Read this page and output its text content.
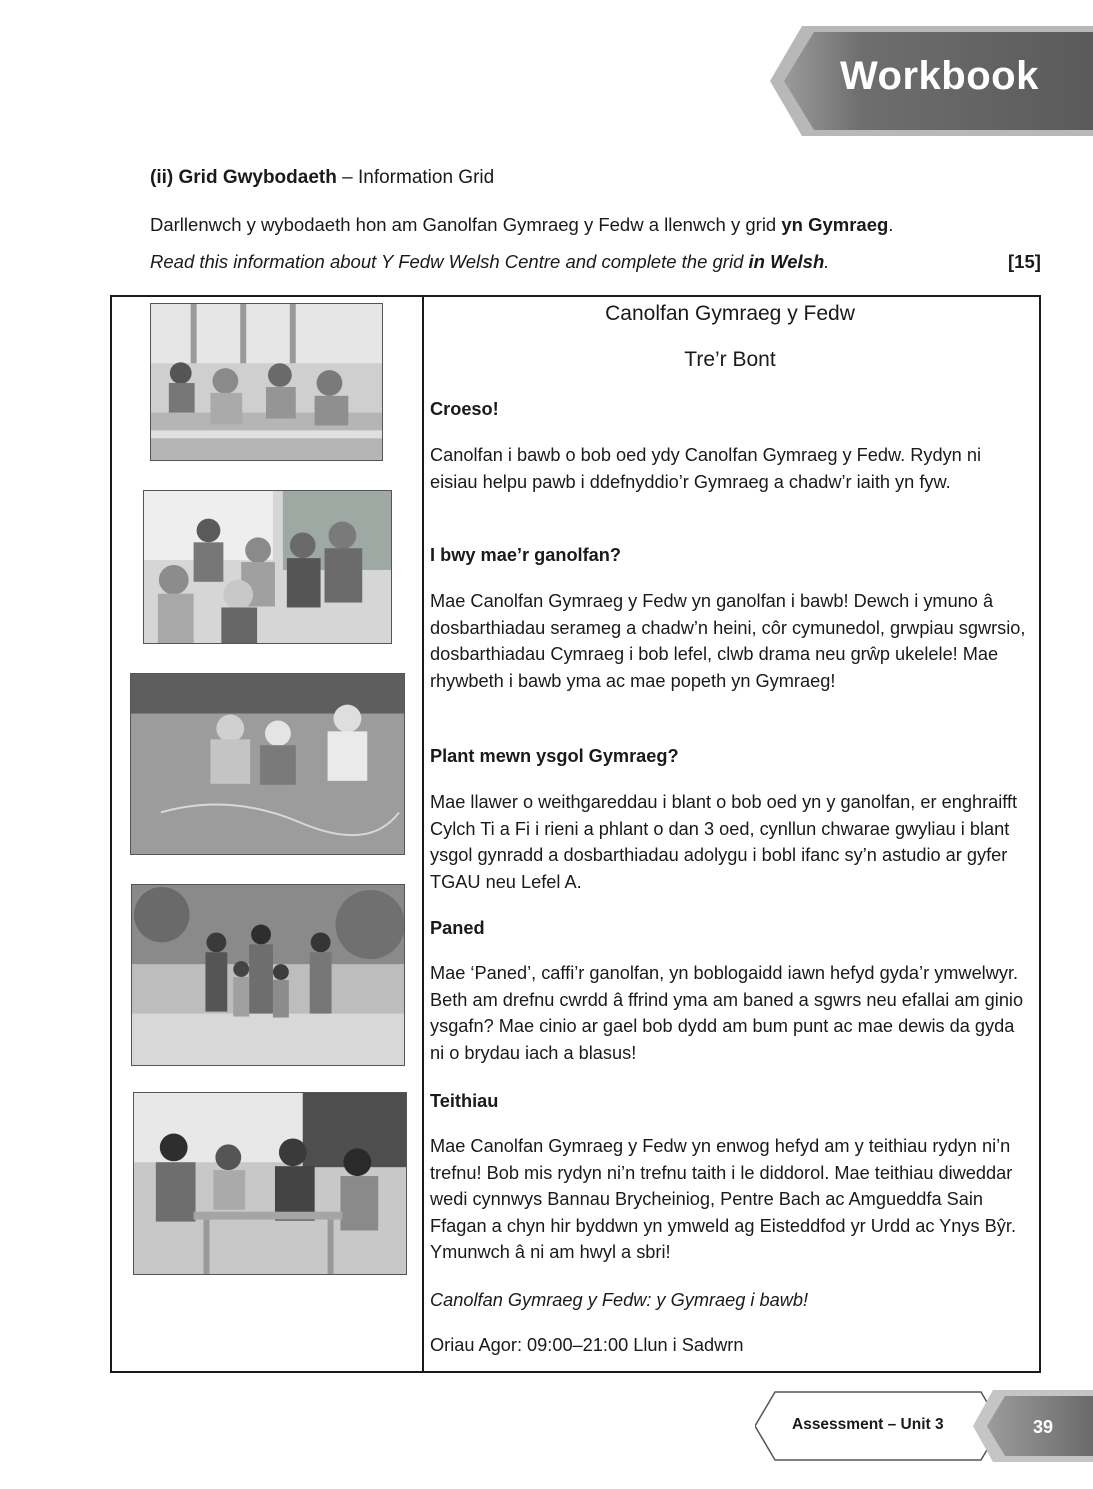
Workbook
(ii) Grid Gwybodaeth – Information Grid
Darllenwch y wybodaeth hon am Ganolfan Gymraeg y Fedw a llenwch y grid yn Gymraeg.
Read this information about Y Fedw Welsh Centre and complete the grid in Welsh.	[15]
Canolfan Gymraeg y Fedw
Tre’r Bont
Croeso!
Canolfan i bawb o bob oed ydy Canolfan Gymraeg y Fedw. Rydyn ni eisiau helpu pawb i ddefnyddio’r Gymraeg a chadw’r iaith yn fyw.
I bwy mae’r ganolfan?
Mae Canolfan Gymraeg y Fedw yn ganolfan i bawb! Dewch i ymuno â dosbarthiadau serameg a chadw’n heini, côr cymunedol, grwpiau sgwrsio, dosbarthiadau Cymraeg i bob lefel, clwb drama neu grŵp ukelele! Mae rhywbeth i bawb yma ac mae popeth yn Gymraeg!
Plant mewn ysgol Gymraeg?
Mae llawer o weithgareddau i blant o bob oed yn y ganolfan, er enghraifft Cylch Ti a Fi i rieni a phlant o dan 3 oed, cynllun chwarae gwyliau i blant ysgol gynradd a dosbarthiadau adolygu i bobl ifanc sy’n astudio ar gyfer TGAU neu Lefel A.
Paned
Mae ‘Paned’, caffi’r ganolfan, yn boblogaidd iawn hefyd gyda’r ymwelwyr. Beth am drefnu cwrdd â ffrind yma am baned a sgwrs neu efallai am ginio ysgafn? Mae cinio ar gael bob dydd am bum punt ac mae dewis da gyda ni o brydau iach a blasus!
Teithiau
Mae Canolfan Gymraeg y Fedw yn enwog hefyd am y teithiau rydyn ni’n trefnu! Bob mis rydyn ni’n trefnu taith i le diddorol. Mae teithiau diweddar wedi cynnwys Bannau Brycheiniog, Pentre Bach ac Amgueddfa Sain Ffagan a chyn hir byddwn yn ymweld ag Eisteddfod yr Urdd ac Ynys Bŷr. Ymunwch â ni am hwyl a sbri!
Canolfan Gymraeg y Fedw: y Gymraeg i bawb!
Oriau Agor: 09:00–21:00 Llun i Sadwrn
Assessment – Unit 3	39
